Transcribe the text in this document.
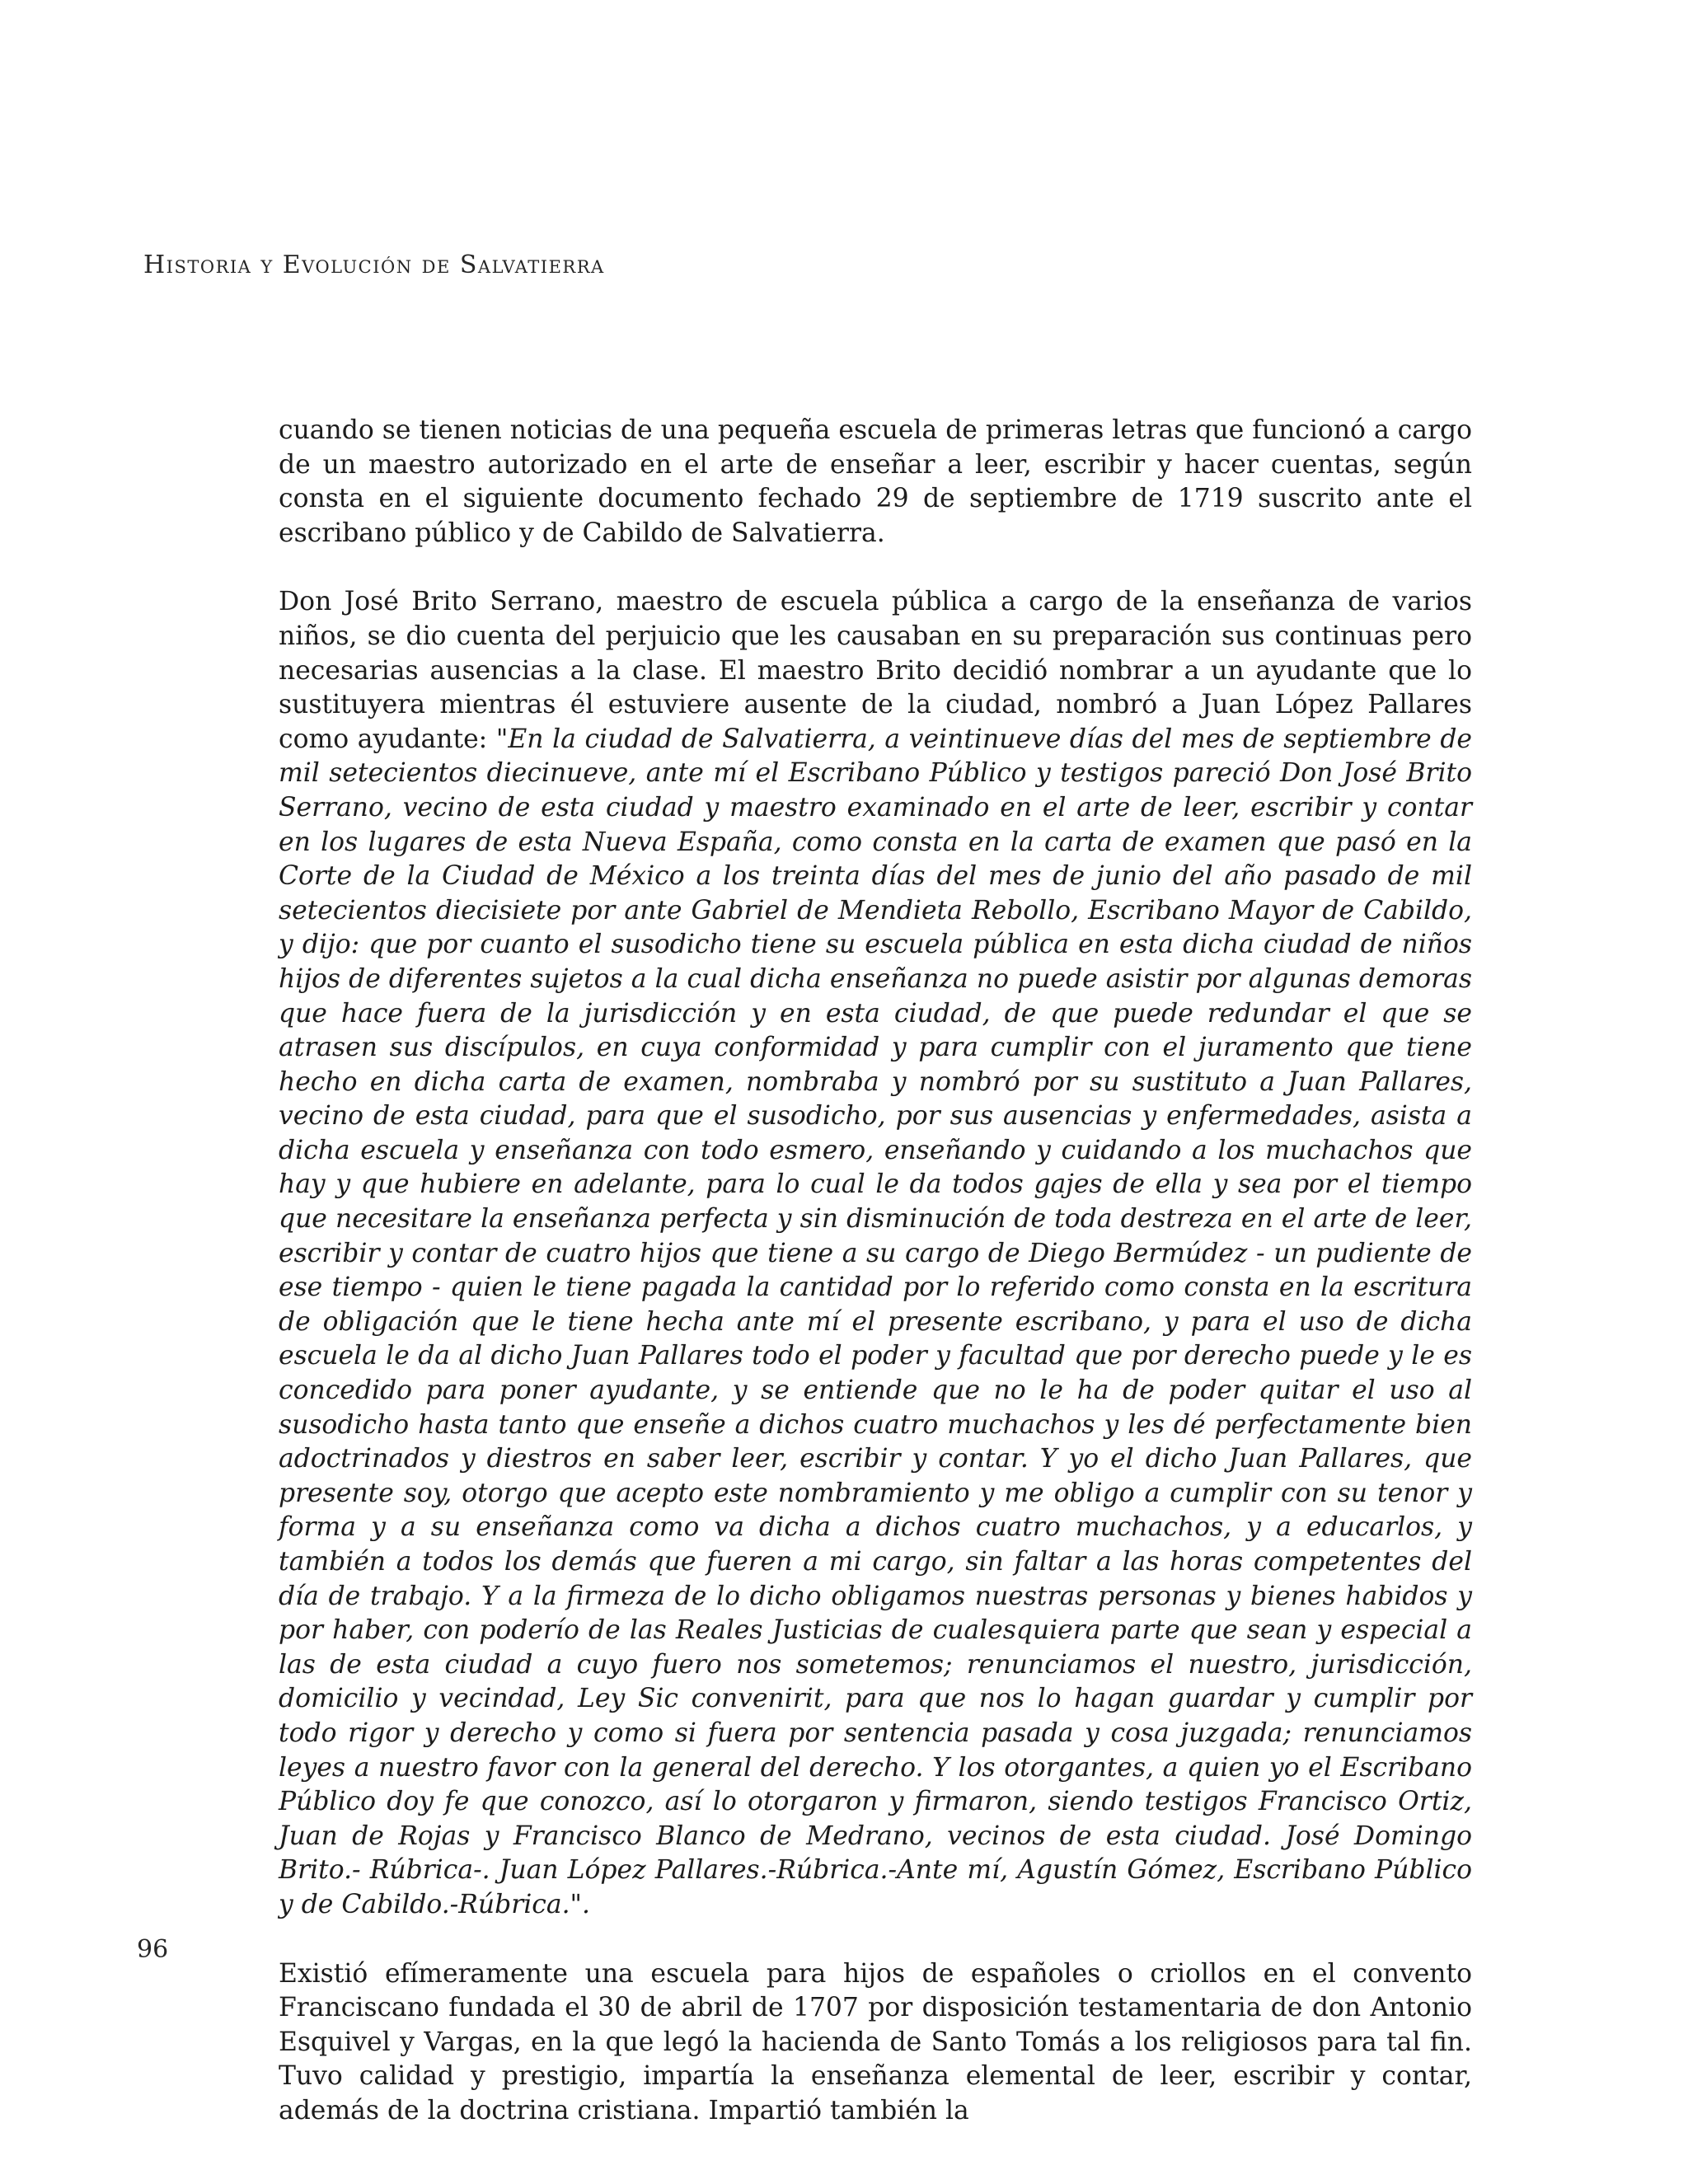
Historia y Evolución de Salvatierra

cuando se tienen noticias de una pequeña escuela de primeras letras que funcionó a cargo de un maestro autorizado en el arte de enseñar a leer, escribir y hacer cuentas, según consta en el siguiente documento fechado 29 de septiembre de 1719 suscrito ante el escribano público y de Cabildo de Salvatierra.

Don José Brito Serrano, maestro de escuela pública a cargo de la enseñanza de varios niños, se dio cuenta del perjuicio que les causaban en su preparación sus continuas pero necesarias ausencias a la clase. El maestro Brito decidió nombrar a un ayudante que lo sustituyera mientras él estuviere ausente de la ciudad, nombró a Juan López Pallares como ayudante: "En la ciudad de Salvatierra, a veintinueve días del mes de septiembre de mil setecientos diecinueve, ante mí el Escribano Público y testigos pareció Don José Brito Serrano, vecino de esta ciudad y maestro examinado en el arte de leer, escribir y contar en los lugares de esta Nueva España, como consta en la carta de examen que pasó en la Corte de la Ciudad de México a los treinta días del mes de junio del año pasado de mil setecientos diecisiete por ante Gabriel de Mendieta Rebollo, Escribano Mayor de Cabildo, y dijo: que por cuanto el susodicho tiene su escuela pública en esta dicha ciudad de niños hijos de diferentes sujetos a la cual dicha enseñanza no puede asistir por algunas demoras que hace fuera de la jurisdicción y en esta ciudad, de que puede redundar el que se atrasen sus discípulos, en cuya conformidad y para cumplir con el juramento que tiene hecho en dicha carta de examen, nombraba y nombró por su sustituto a Juan Pallares, vecino de esta ciudad, para que el susodicho, por sus ausencias y enfermedades, asista a dicha escuela y enseñanza con todo esmero, enseñando y cuidando a los muchachos que hay y que hubiere en adelante, para lo cual le da todos gajes de ella y sea por el tiempo que necesitare la enseñanza perfecta y sin disminución de toda destreza en el arte de leer, escribir y contar de cuatro hijos que tiene a su cargo de Diego Bermúdez - un pudiente de ese tiempo - quien le tiene pagada la cantidad por lo referido como consta en la escritura de obligación que le tiene hecha ante mí el presente escribano, y para el uso de dicha escuela le da al dicho Juan Pallares todo el poder y facultad que por derecho puede y le es concedido para poner ayudante, y se entiende que no le ha de poder quitar el uso al susodicho hasta tanto que enseñe a dichos cuatro muchachos y les dé perfectamente bien adoctrinados y diestros en saber leer, escribir y contar. Y yo el dicho Juan Pallares, que presente soy, otorgo que acepto este nombramiento y me obligo a cumplir con su tenor y forma y a su enseñanza como va dicha a dichos cuatro muchachos, y a educarlos, y también a todos los demás que fueren a mi cargo, sin faltar a las horas competentes del día de trabajo. Y a la firmeza de lo dicho obligamos nuestras personas y bienes habidos y por haber, con poderío de las Reales Justicias de cualesquiera parte que sean y especial a las de esta ciudad a cuyo fuero nos sometemos; renunciamos el nuestro, jurisdicción, domicilio y vecindad, Ley Sic convenirit, para que nos lo hagan guardar y cumplir por todo rigor y derecho y como si fuera por sentencia pasada y cosa juzgada; renunciamos leyes a nuestro favor con la general del derecho. Y los otorgantes, a quien yo el Escribano Público doy fe que conozco, así lo otorgaron y firmaron, siendo testigos Francisco Ortiz, Juan de Rojas y Francisco Blanco de Medrano, vecinos de esta ciudad. José Domingo Brito.- Rúbrica-. Juan López Pallares.-Rúbrica.-Ante mí, Agustín Gómez, Escribano Público y de Cabildo.-Rúbrica.".

Existió efímeramente una escuela para hijos de españoles o criollos en el convento Franciscano fundada el 30 de abril de 1707 por disposición testamentaria de don Antonio Esquivel y Vargas, en la que legó la hacienda de Santo Tomás a los religiosos para tal fin. Tuvo calidad y prestigio, impartía la enseñanza elemental de leer, escribir y contar, además de la doctrina cristiana. Impartió también la

96
